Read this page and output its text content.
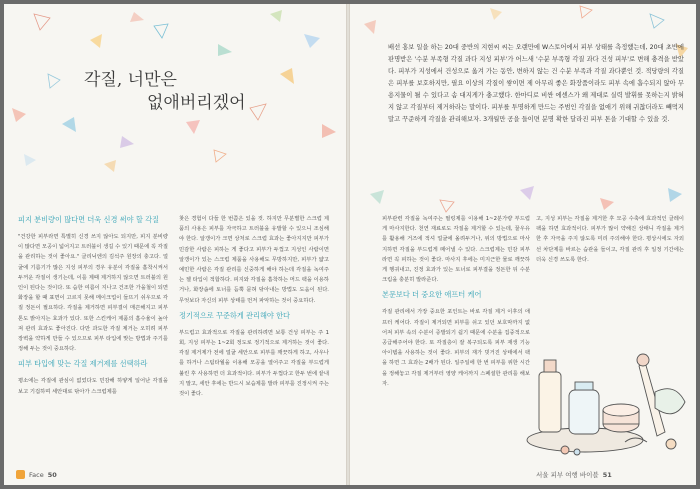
각질, 너만은
없애버리겠어
피지 분비량이 많다면 더욱 신경 써야 할 각질

"건강한 피부라면 특별히 신경 쓰지 않아도 되지만, 피지 분비량이 많다면 모공이 넓어지고 트러블이 생길 수 있기 때문에 꼭 각질을 관리하는 것이 좋아요." 클리닉엔의 김석주 원장의 충고다. 얼굴에 기름기가 많은 지성 피부의 경우 유분이 각질을 흡착시켜서 두꺼운 각질이 생기는데, 이를 제때 제거하지 않으면 트러블의 원인이 된다는 것이다. 또 습한 여름이 지나고 건조한 가을철이 되면 화장을 할 때 표면이 고르지 못해 메이크업이 들뜨기 쉬우므로 각질 정돈이 필요하다. 각질을 제거하면 피부결이 매끈해지고 피부 톤도 밝아지는 효과가 있다. 또한 스킨케어 제품의 흡수율이 높아져 관리 효과도 좋아진다. 다만 과도한 각질 제거는 오히려 피부 장벽을 약하게 만들 수 있으므로 피부 타입에 맞는 방법과 주기를 정해 두는 것이 중요하다.

피부 타입에 맞는 각질 제거제를 선택하라

평소에는 각질에 관심이 없었다도 민감해 하얗게 일어난 각질을 보고 기겁하며 세안대로 닦아가 스크럽제를

찾은 경험이 다들 한 번쯤은 있을 것. 하지만 무분별한 스크럽 제품의 사용은 피부를 자극하고 트러블을 유발할 수 있으니 조심해야 한다. 알갱이가 크면 상처로 스크럽 효과는 좋아지지만 피부가 민감한 사람은 피하는 게 좋다고 피부가 두껍고 지성인 사람이면 알갱이가 있는 스크럽 제품을 사용해도 무방하지만, 피부가 얇고 예민한 사람은 각질 관리를 신중하게 해야 하는데 각질을 녹여주는 젤 타입이 적합하다. 피지와 각질을 흡착하는 머드 팩을 이용하거나, 화장솜에 토너를 듬뿍 묻혀 닦아내는 방법도 도움이 된다. 무엇보다 자신의 피부 상태를 먼저 파악하는 것이 중요하다.

정기적으로 꾸준하게 관리해야 한다

부드럽고 효과적으로 각질을 관리하려면 보통 건성 피부는 주 1회, 지성 피부는 1~2회 정도로 정기적으로 제거하는 것이 좋다. 각질 제거제가 전에 얼굴 세안으로 피부를 깨끗하게 하고, 사우나를 하거나 스팀타월을 이용해 모공을 열어주고 각질을 부드럽게 불린 후 사용하면 더 효과적이다. 피부가 두껍다고 한두 번에 끝내지 말고, 세안 후에는 반드시 보습제를 발라 피부를 진정시켜 주는 것이 좋다.

Face 50
배선 홍보 일을 하는 20대 중반의 지현씨 씨는 오랜만에 W스토어에서 피부 상태를 측정했는데, 20대 초반에 판명받은 '수분 부족형 각질 과다 지성 피부'가 어느새 '수분 부족형 각질 과다 건성 피부'로 변해 충격을 받았다. 피부가 지성에서 건성으로 옮겨 가는 동안, 변하지 않는 건 수분 부족과 각질 과다뿐인 것. 적당량의 각질은 피부를 보호하지만, 필요 이상의 각질이 쌓이면 제 아무리 좋은 화장품이라도 피부 속에 흡수되지 않아 무용지물이 될 수 있다고 솜 대지게가 충고했다. 한마디로 비싼 에센스가 왜 제대로 실력 발휘를 못하는지 밝혀지 않고 각질부터 제거하라는 말이다. 피부를 투명하게 만드는 주범인 각질을 없애기 위해 귀찮더라도 빼먹지 말고 꾸준하게 각질을 관리해보자. 3개월만 공을 들이면 분명 확한 달라진 피부 톤을 기대할 수 있을 것.

피부관련 각질을 녹여주는 필링제를 이용해 1~2분가량 부드럽게 마사지한다. 천연 재료로도 각질을 제거할 수 있는데, 꿀우유를 활용해 거즈에 적셔 얼굴에 올려두거나, 위의 방법으로 마사지하면 각질을 부드럽게 떼어낼 수 있다. 스크럽제는 민감 피부라면 꼭 피하는 것이 좋다. 마사지 후에는 미지근한 물로 깨끗하게 헹궈내고, 진정 효과가 있는 토너로 피부결을 정돈한 뒤 수분 크림을 충분히 발라준다.

본문보다 더 중요한 애프터 케어

각질 관리에서 가장 중요한 포인트는 바로 각질 제거 이후의 애프터 케어다. 각질이 제거되면 피부를 쉬고 있던 보호막까지 없어져 피부 속의 수분이 증발되기 쉽기 때문에 수분을 집중적으로 공급해주어야 한다. 또 각질층이 잘 복구되도록 피부 재생 기능 아이템을 사용하는 것이 좋다. 피부의 재가 빗거진 상태에서 팩을 하면 그 효과는 2배가 된다. 일주일에 한 번 피부를 위한 시간을 정해놓고 각질 제거부터 영양 케어까지 스페셜한 관리를 해보자.

고, 지성 피부는 각질을 제거한 후 모공 수축에 효과적인 클레이 팩을 하면 효과적이다. 피부가 많이 약해진 상태니 각질을 제거한 후 자극을 주지 않도록 미리 주의해야 한다. 평상시에도 자외선 차단제를 바르는 습관을 들이고, 각질 관리 후 일정 기간에는 더욱 신경 쓰도록 한다.

서울 피부 여행 바이블 51
